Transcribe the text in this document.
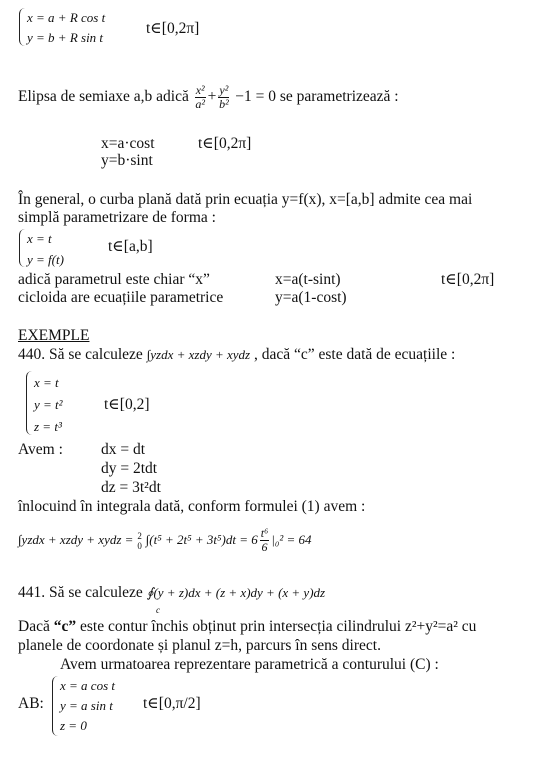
x = a + R cos t
y = b + R sin t
t∈[0,2π]
Elipsa de semiaxe a,b adică $\frac{\text{x²}}{\text{a²}} + \frac{\text{y²}}{\text{b²}} -1 = 0$ se parametrizează :
x=a·cost	t∈[0,2π]
y=b·sint
În general, o curba plană dată prin ecuația y=f(x), x=[a,b] admite cea mai
simplă parametrizare de forma :
x = t
y = f(t)
t∈[a,b]
adică parametrul este chiar “x”	x=a(t-sint)	t∈[0,2π]
cicloida are ecuațiile parametrice	y=a(1-cost)
EXEMPLE
440. Să se calculeze ∫yzdx + xzdy + xydz , dacă “c” este dată de ecuațiile :
x = t
y = t²
z = t³
t∈[0,2]
Avem : dx = dt
dy = 2tdt
dz = 3t²dt
înlocuind în integrala dată, conform formulei (1) avem :
∫yzdx + xzdy + xydz = 2
0 $\int(t^5 + 2t^5 + 3t^5)dt = 6 \frac{\text{t⁶}}{6} |_0^2 = 64$
441. Să se calculeze ∮(y + z)dx + (z + x)dy + (x + y)dz
c
Dacă “c” este contur închis obținut prin intersecția cilindrului z²+y²=a² cu
planele de coordonate și planul z=h, parcurs în sens direct.
Avem urmatoarea reprezentare parametrică a conturului (C) :
AB:
x = a cos t
y = a sin t
z = 0
t∈[0,π/2]
